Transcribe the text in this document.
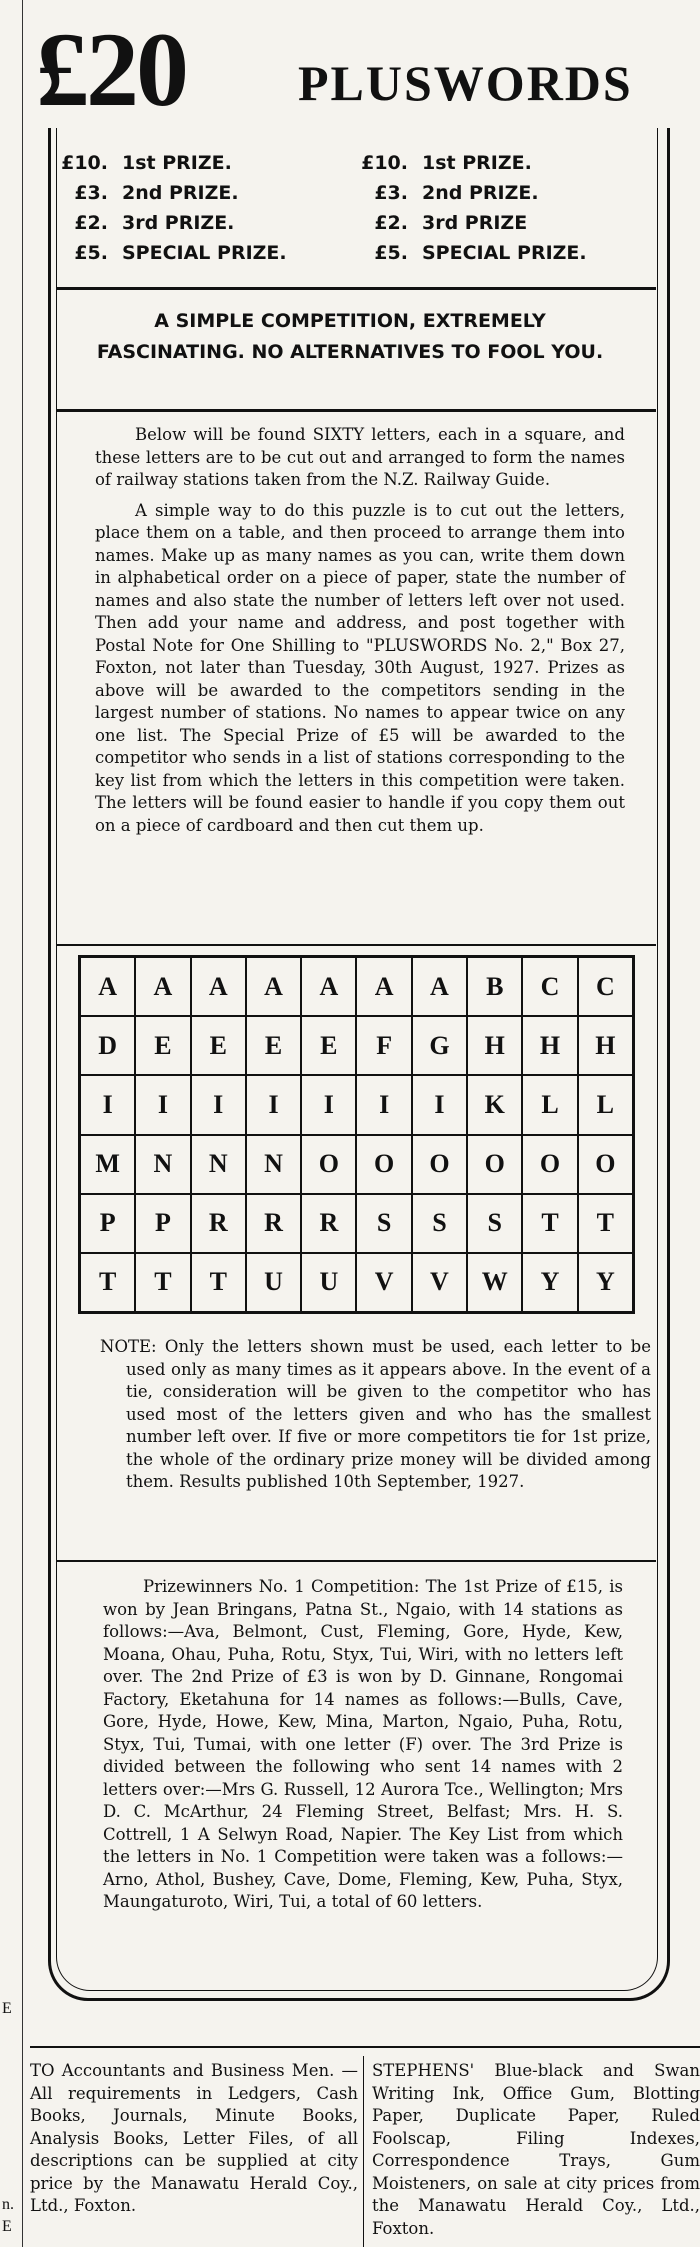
E
n.
E
£20 PLUSWORDS
£10. 1st PRIZE.
£3. 2nd PRIZE.
£2. 3rd PRIZE.
£5. SPECIAL PRIZE.
£10. 1st PRIZE.
£3. 2nd PRIZE.
£2. 3rd PRIZE
£5. SPECIAL PRIZE.
A SIMPLE COMPETITION, EXTREMELY FASCINATING. NO ALTERNATIVES TO FOOL YOU.

Below will be found SIXTY letters, each in a square, and these letters are to be cut out and arranged to form the names of railway stations taken from the N.Z. Railway Guide.

A simple way to do this puzzle is to cut out the letters, place them on a table, and then proceed to arrange them into names. Make up as many names as you can, write them down in alphabetical order on a piece of paper, state the number of names and also state the number of letters left over not used. Then add your name and address, and post together with Postal Note for One Shilling to "PLUSWORDS No. 2," Box 27, Foxton, not later than Tuesday, 30th August, 1927. Prizes as above will be awarded to the competitors sending in the largest number of stations. No names to appear twice on any one list. The Special Prize of £5 will be awarded to the competitor who sends in a list of stations corresponding to the key list from which the letters in this competition were taken. The letters will be found easier to handle if you copy them out on a piece of cardboard and then cut them up.

A	A	A	A	A	A	A	B	C	C
D	E	E	E	E	F	G	H	H	H
I	I	I	I	I	I	I	K	L	L
M	N	N	N	O	O	O	O	O	O
P	P	R	R	R	S	S	S	T	T
T	T	T	U	U	V	V	W	Y	Y
NOTE: Only the letters shown must be used, each letter to be used only as many times as it appears above. In the event of a tie, consideration will be given to the competitor who has used most of the letters given and who has the smallest number left over. If five or more competitors tie for 1st prize, the whole of the ordinary prize money will be divided among them. Results published 10th September, 1927.

Prizewinners No. 1 Competition: The 1st Prize of £15, is won by Jean Bringans, Patna St., Ngaio, with 14 stations as follows:—Ava, Belmont, Cust, Fleming, Gore, Hyde, Kew, Moana, Ohau, Puha, Rotu, Styx, Tui, Wiri, with no letters left over. The 2nd Prize of £3 is won by D. Ginnane, Rongomai Factory, Eketahuna for 14 names as follows:—Bulls, Cave, Gore, Hyde, Howe, Kew, Mina, Marton, Ngaio, Puha, Rotu, Styx, Tui, Tumai, with one letter (F) over. The 3rd Prize is divided between the following who sent 14 names with 2 letters over:—Mrs G. Russell, 12 Aurora Tce., Wellington; Mrs D. C. McArthur, 24 Fleming Street, Belfast; Mrs. H. S. Cottrell, 1 A Selwyn Road, Napier. The Key List from which the letters in No. 1 Competition were taken was a follows:—Arno, Athol, Bushey, Cave, Dome, Fleming, Kew, Puha, Styx, Maungaturoto, Wiri, Tui, a total of 60 letters.

TO Accountants and Business Men. —All requirements in Ledgers, Cash Books, Journals, Minute Books, Analysis Books, Letter Files, of all descriptions can be supplied at city price by the Manawatu Herald Coy., Ltd., Foxton.
STEPHENS' Blue-black and Swan Writing Ink, Office Gum, Blotting Paper, Duplicate Paper, Ruled Foolscap, Filing Indexes, Correspondence Trays, Gum Moisteners, on sale at city prices from the Manawatu Herald Coy., Ltd., Foxton.
